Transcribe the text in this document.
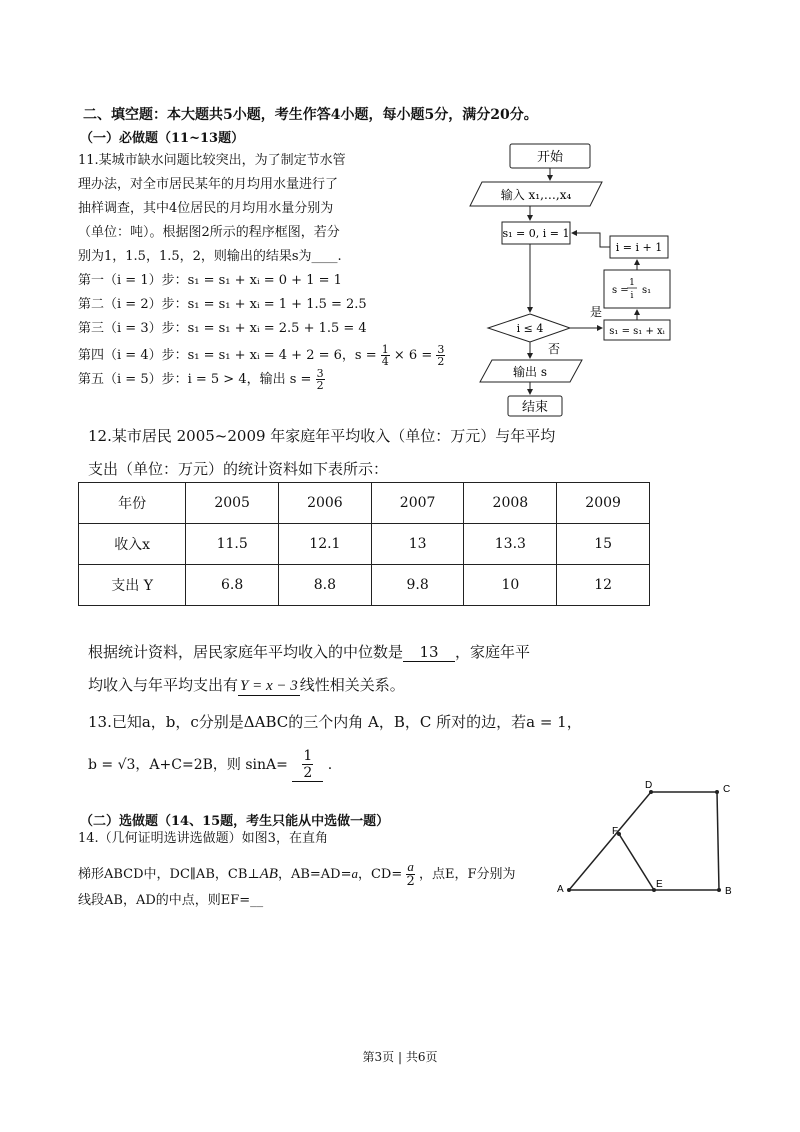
二、填空题：本大题共5小题，考生作答4小题，每小题5分，满分20分。
（一）必做题（11~13题）
11.某城市缺水问题比较突出，为了制定节水管
理办法，对全市居民某年的月均用水量进行了
抽样调查，其中4位居民的月均用水量分别为
（单位：吨）。根据图2所示的程序框图，若分
别为1，1.5，1.5，2，则输出的结果s为____.
第一（i = 1）步：s₁ = s₁ + xᵢ = 0 + 1 = 1
第二（i = 2）步：s₁ = s₁ + xᵢ = 1 + 1.5 = 2.5
第三（i = 3）步：s₁ = s₁ + xᵢ = 2.5 + 1.5 = 4
第四（i = 4）步：s₁ = s₁ + xᵢ = 4 + 2 = 6，$s = \frac{1}{4} \times 6 = \frac{3}{2}$
第五（i = 5）步：i = 5 > 4，输出 $s = \frac{3}{2}$
开始
输入 x₁,…,x₄
s₁ = 0, i = 1
i ≤ 4
是
s₁ = s₁ + xᵢ
s =
1
i s₁
i = i + 1
否
输出 s
结束
12.某市居民 2005~2009 年家庭年平均收入（单位：万元）与年平均
支出（单位：万元）的统计资料如下表所示：
年份	2005	2006	2007	2008	2009
收入x	11.5	12.1	13	13.3	15
支出 Y	6.8	8.8	9.8	10	12
根据统计资料，居民家庭年平均收入的中位数是 13 ，家庭年平
均收入与年平均支出有 Y = x − 3 线性相关关系。
13.已知a，b，c分别是ΔABC的三个内角 A，B，C 所对的边，若a = 1，
b = √3，A+C=2B，则 $\sin A= \frac{1}{2}$ .
（二）选做题（14、15题，考生只能从中选做一题）
14.（几何证明选讲选做题）如图3，在直角
梯形ABCD中，DC∥AB，CB⊥AB，AB=AD=a，$CD= \frac{a}{2}$ ，点E，F分别为
线段AB，AD的中点，则EF=__
A	B
C
D
E
F
第3页 | 共6页
